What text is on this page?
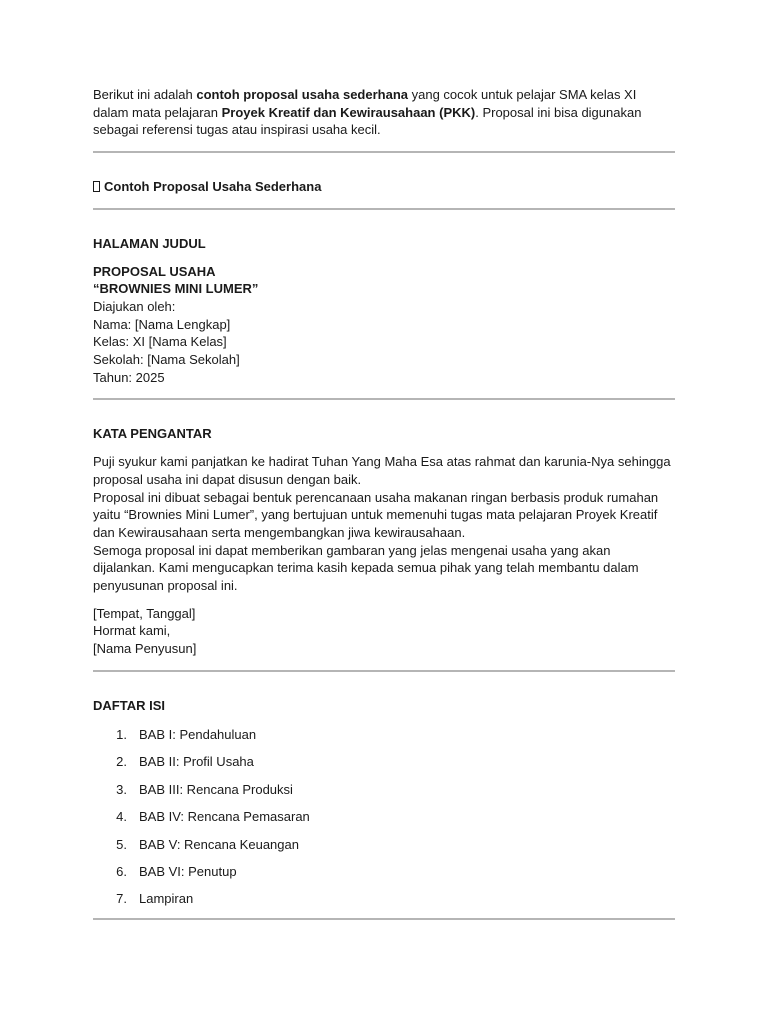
Berikut ini adalah contoh proposal usaha sederhana yang cocok untuk pelajar SMA kelas XI dalam mata pelajaran Proyek Kreatif dan Kewirausahaan (PKK). Proposal ini bisa digunakan sebagai referensi tugas atau inspirasi usaha kecil.

Contoh Proposal Usaha Sederhana
HALAMAN JUDUL
PROPOSAL USAHA
“BROWNIES MINI LUMER”
Diajukan oleh:
Nama: [Nama Lengkap]
Kelas: XI [Nama Kelas]
Sekolah: [Nama Sekolah]
Tahun: 2025
KATA PENGANTAR
Puji syukur kami panjatkan ke hadirat Tuhan Yang Maha Esa atas rahmat dan karunia-Nya sehingga proposal usaha ini dapat disusun dengan baik.
Proposal ini dibuat sebagai bentuk perencanaan usaha makanan ringan berbasis produk rumahan yaitu “Brownies Mini Lumer”, yang bertujuan untuk memenuhi tugas mata pelajaran Proyek Kreatif dan Kewirausahaan serta mengembangkan jiwa kewirausahaan.
Semoga proposal ini dapat memberikan gambaran yang jelas mengenai usaha yang akan dijalankan. Kami mengucapkan terima kasih kepada semua pihak yang telah membantu dalam penyusunan proposal ini.
[Tempat, Tanggal]
Hormat kami,
[Nama Penyusun]
DAFTAR ISI
1. BAB I: Pendahuluan
2. BAB II: Profil Usaha
3. BAB III: Rencana Produksi
4. BAB IV: Rencana Pemasaran
5. BAB V: Rencana Keuangan
6. BAB VI: Penutup
7. Lampiran
